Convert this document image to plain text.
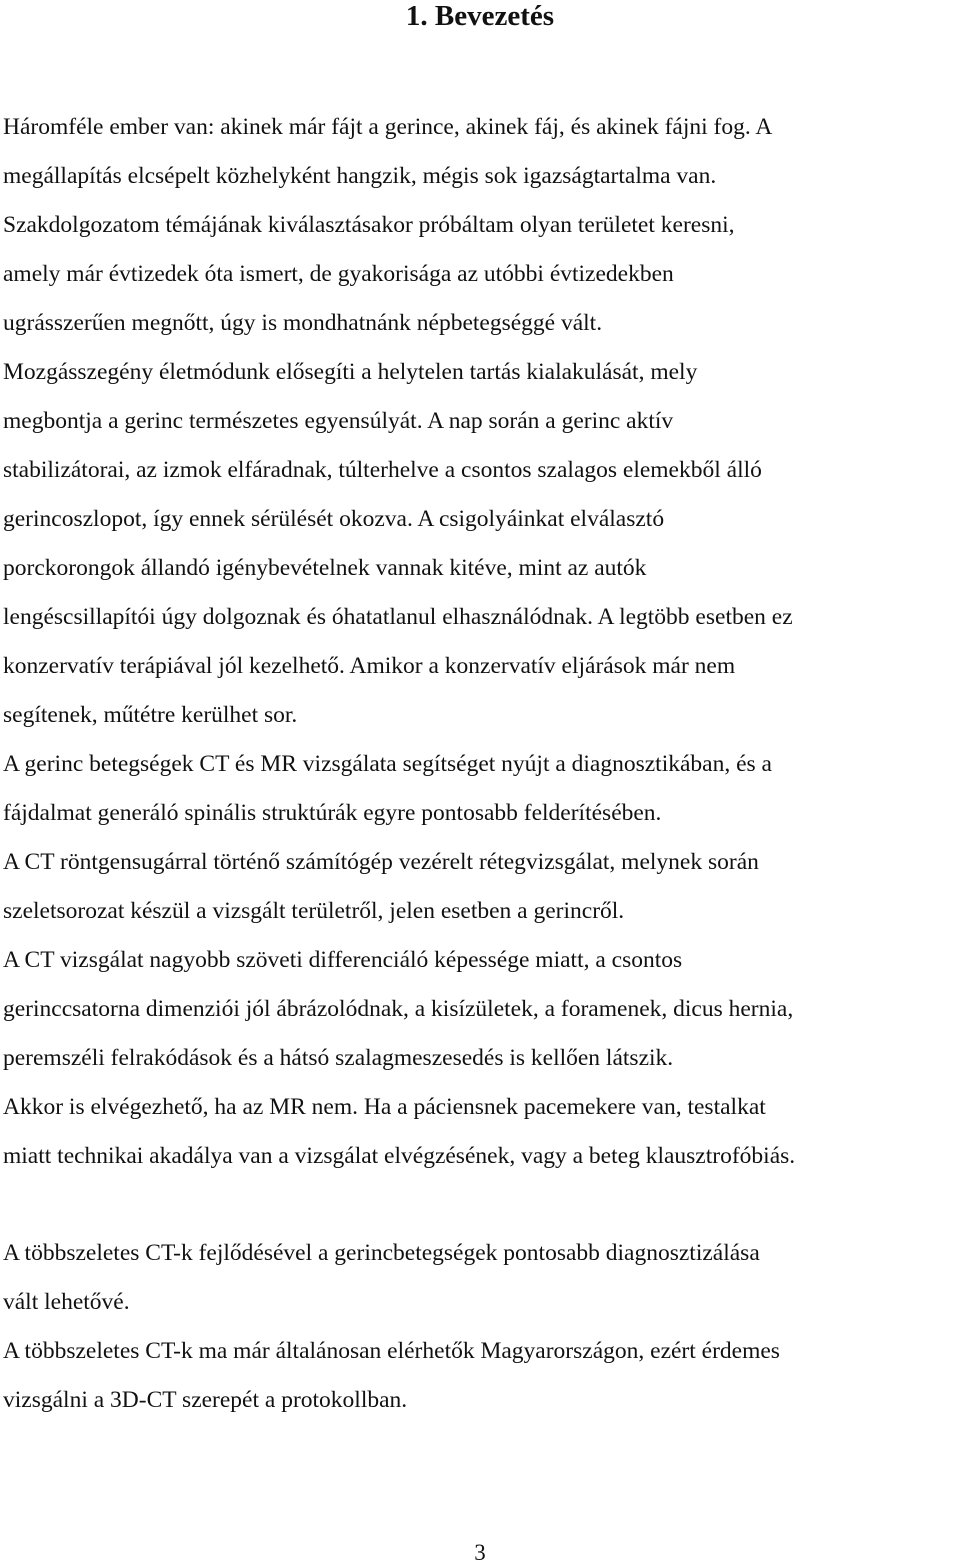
1. Bevezetés

Háromféle ember van: akinek már fájt a gerince, akinek fáj, és akinek fájni fog. A
megállapítás elcsépelt közhelyként hangzik, mégis sok igazságtartalma van.
Szakdolgozatom témájának kiválasztásakor próbáltam olyan területet keresni,
amely már évtizedek óta ismert, de gyakorisága az utóbbi évtizedekben
ugrásszerűen megnőtt, úgy is mondhatnánk népbetegséggé vált.
Mozgásszegény életmódunk elősegíti a helytelen tartás kialakulását, mely
megbontja a gerinc természetes egyensúlyát. A nap során a gerinc aktív
stabilizátorai, az izmok elfáradnak, túlterhelve a csontos szalagos elemekből álló
gerincoszlopot, így ennek sérülését okozva. A csigolyáinkat elválasztó
porckorongok állandó igénybevételnek vannak kitéve, mint az autók
lengéscsillapítói úgy dolgoznak és óhatatlanul elhasználódnak. A legtöbb esetben ez
konzervatív terápiával jól kezelhető. Amikor a konzervatív eljárások már nem
segítenek, műtétre kerülhet sor.

A gerinc betegségek CT és MR vizsgálata segítséget nyújt a diagnosztikában, és a
fájdalmat generáló spinális struktúrák egyre pontosabb felderítésében.

A CT röntgensugárral történő számítógép vezérelt rétegvizsgálat, melynek során
szeletsorozat készül a vizsgált területről, jelen esetben a gerincről.

A CT vizsgálat nagyobb szöveti differenciáló képessége miatt, a csontos
gerinccsatorna dimenziói jól ábrázolódnak, a kisízületek, a foramenek, dicus hernia,
peremszéli felrakódások és a hátsó szalagmeszesedés is kellően látszik.

Akkor is elvégezhető, ha az MR nem. Ha a páciensnek pacemekere van, testalkat
miatt technikai akadálya van a vizsgálat elvégzésének, vagy a beteg klausztrofóbiás.

A többszeletes CT-k fejlődésével a gerincbetegségek pontosabb diagnosztizálása
vált lehetővé.

A többszeletes CT-k ma már általánosan elérhetők Magyarországon, ezért érdemes
vizsgálni a 3D-CT szerepét a protokollban.

3
